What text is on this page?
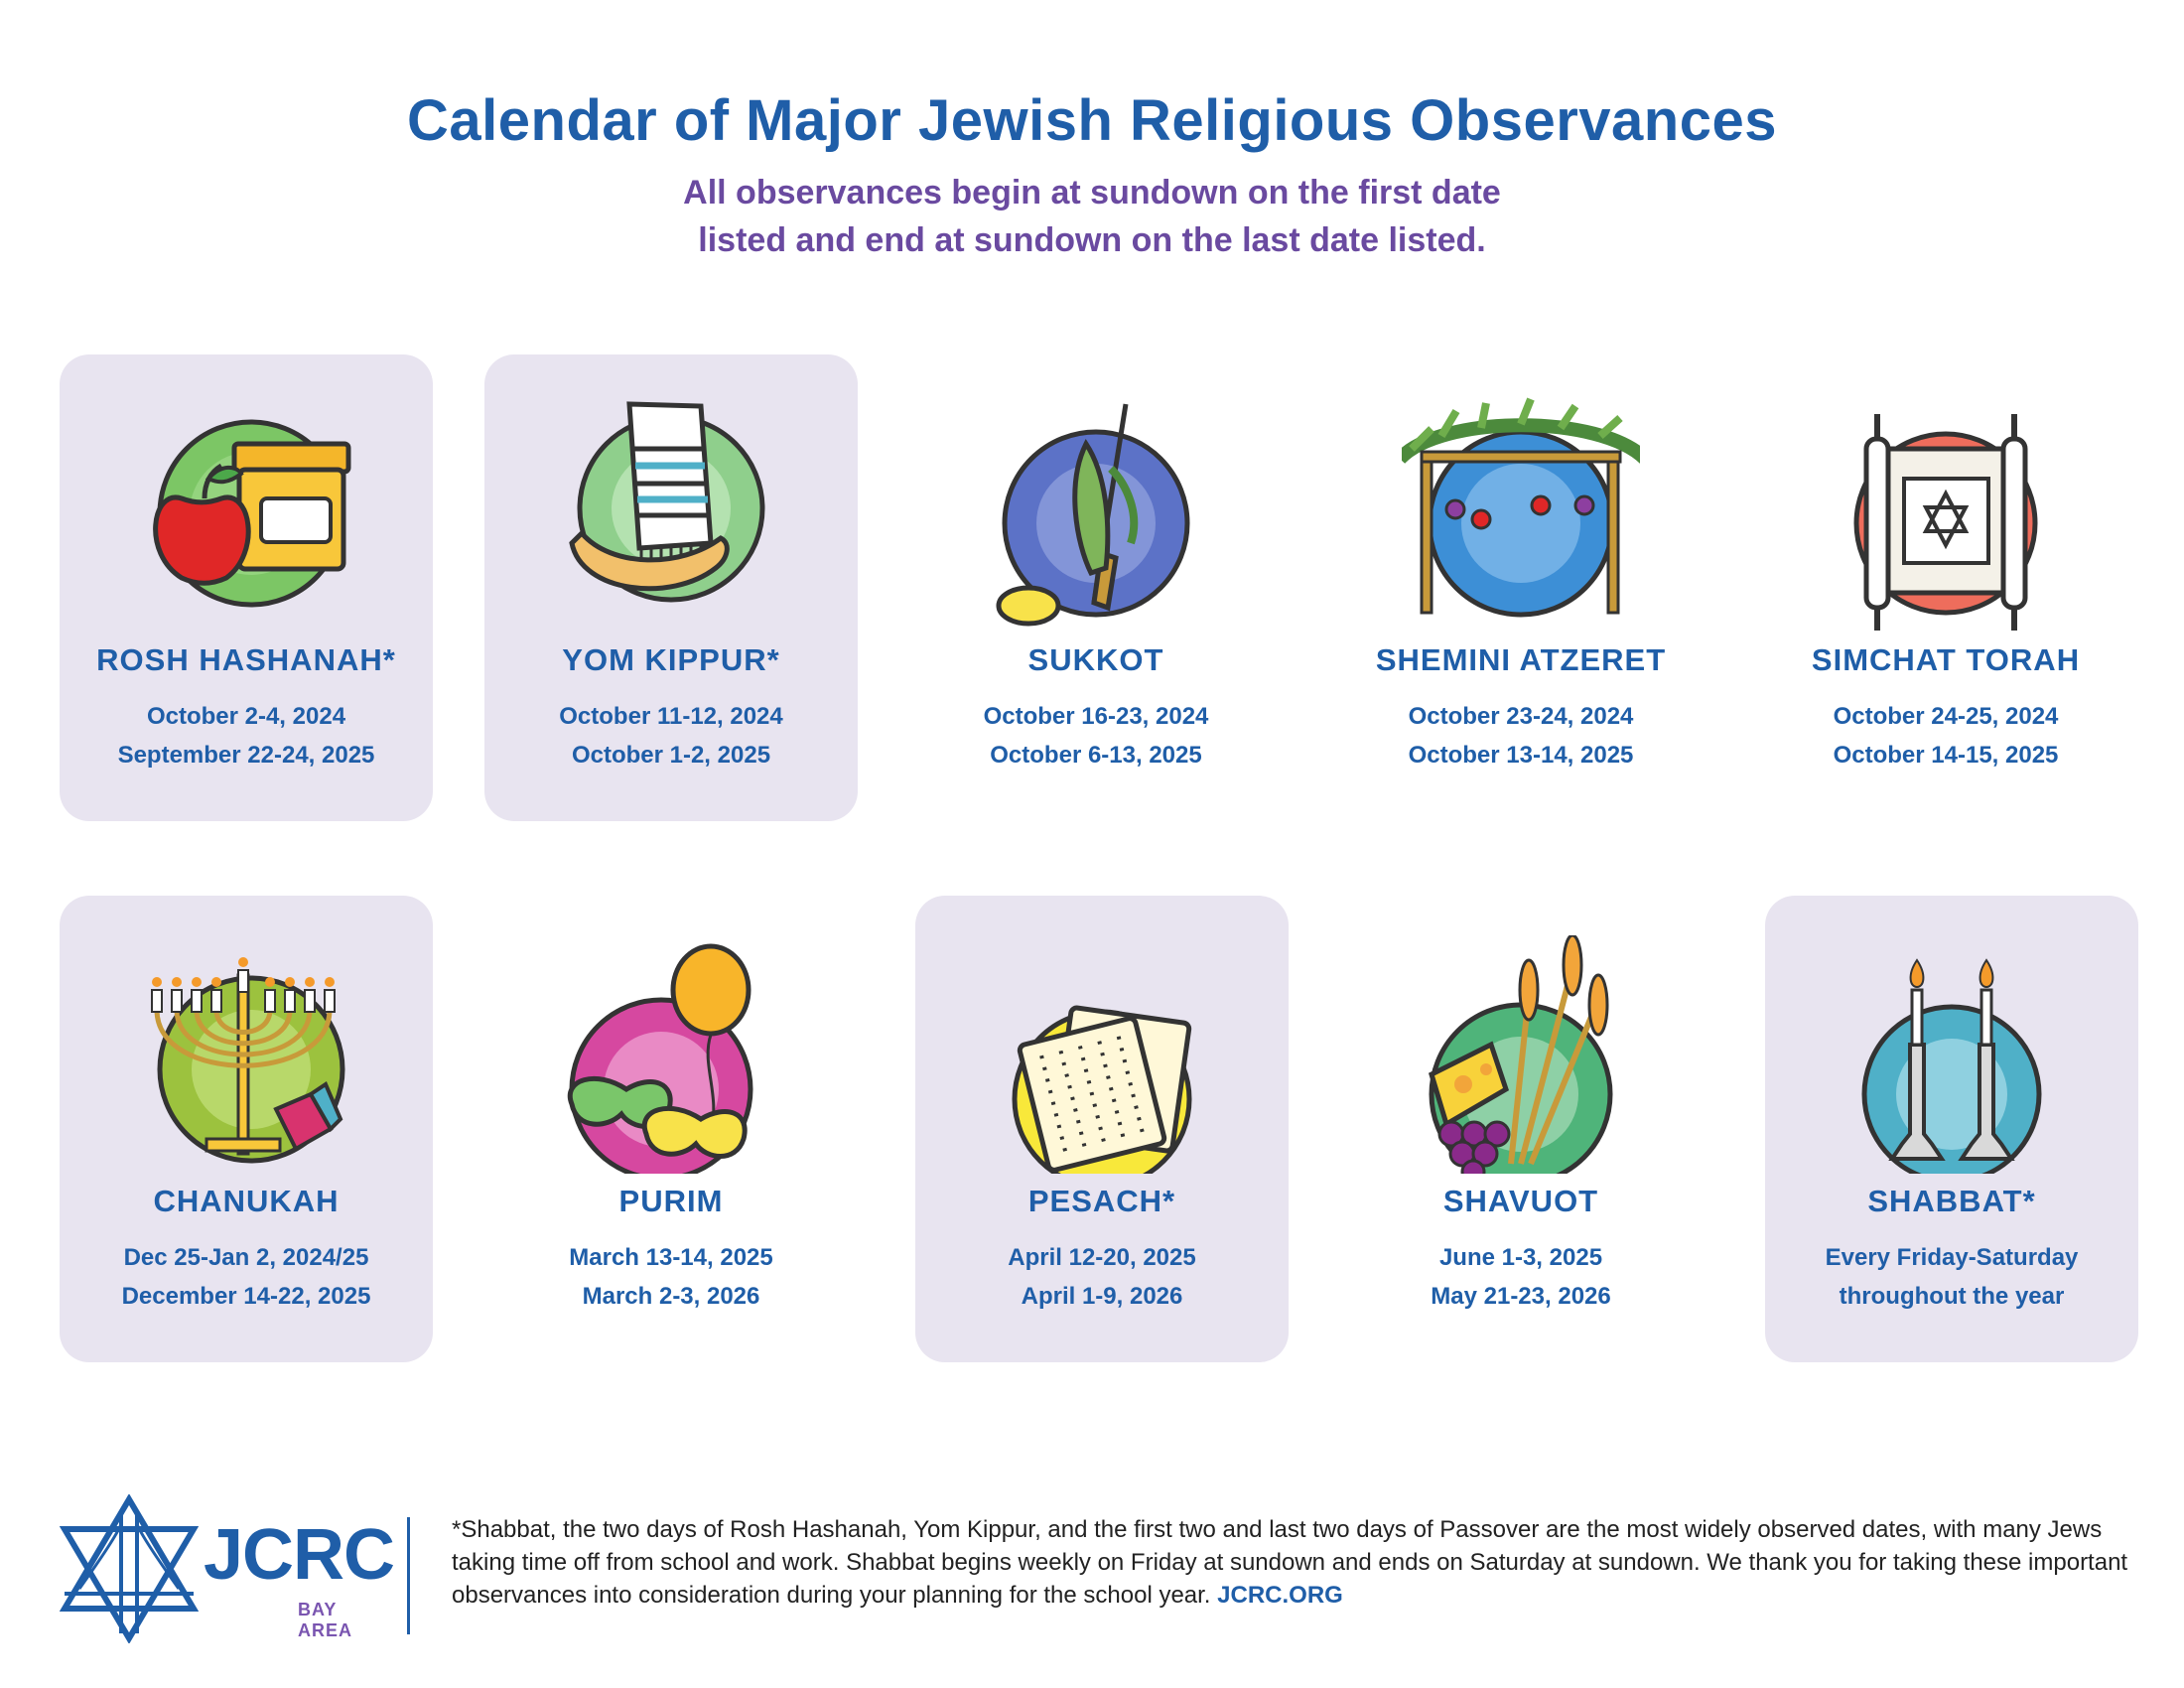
Calendar of Major Jewish Religious Observances
All observances begin at sundown on the first date
listed and end at sundown on the last date listed.
ROSH HASHANAH*
October 2-4, 2024
September 22-24, 2025
YOM KIPPUR*
October 11-12, 2024
October 1-2, 2025
SUKKOT
October 16-23, 2024
October 6-13, 2025
SHEMINI ATZERET
October 23-24, 2024
October 13-14, 2025
SIMCHAT TORAH
October 24-25, 2024
October 14-15, 2025
CHANUKAH
Dec 25-Jan 2, 2024/25
December 14-22, 2025
PURIM
March 13-14, 2025
March 2-3, 2026
PESACH*
April 12-20, 2025
April 1-9, 2026
SHAVUOT
June 1-3, 2025
May 21-23, 2026
SHABBAT*
Every Friday-Saturday
throughout the year
JCRC
BAY AREA
*Shabbat, the two days of Rosh Hashanah, Yom Kippur, and the first two and last two days of Passover are the most widely observed dates, with many Jews taking time off from school and work. Shabbat begins weekly on Friday at sundown and ends on Saturday at sundown. We thank you for taking these important observances into consideration during your planning for the school year. JCRC.ORG
